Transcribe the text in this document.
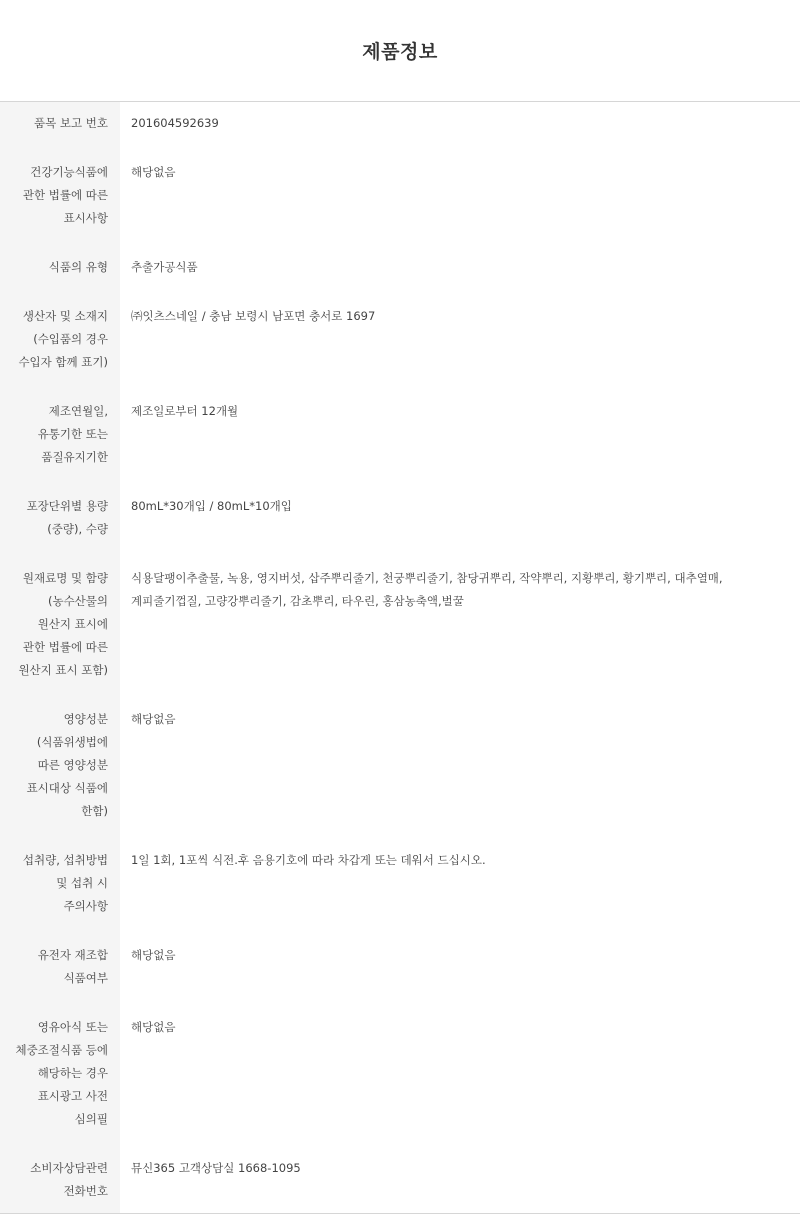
제품정보
품목 보고 번호	201604592639
건강기능식품에 관한 법률에 따른 표시사항	해당없음
식품의 유형	추출가공식품
생산자 및 소재지 (수입품의 경우 수입자 함께 표기)	㈜잇츠스네일 / 충남 보령시 남포면 충서로 1697
제조연월일, 유통기한 또는 품질유지기한	제조일로부터 12개월
포장단위별 용량(중량), 수량	80mL*30개입 / 80mL*10개입
원재료명 및 함량 (농수산물의 원산지 표시에 관한 법률에 따른 원산지 표시 포함)	식용달팽이추출물, 녹용, 영지버섯, 삽주뿌리줄기, 천궁뿌리줄기, 참당귀뿌리, 작약뿌리, 지황뿌리, 황기뿌리, 대추열매, 계피줄기껍질, 고량강뿌리줄기, 감초뿌리, 타우린, 홍삼농축액,벌꿀
영양성분(식품위생법에 따른 영양성분 표시대상 식품에 한함)	해당없음
섭취량, 섭취방법 및 섭취 시 주의사항	1일 1회, 1포씩 식전.후 음용기호에 따라 차갑게 또는 데워서 드십시오.
유전자 재조합 식품여부	해당없음
영유아식 또는 체중조절식품 등에 해당하는 경우 표시광고 사전 심의필	해당없음
소비자상담관련 전화번호	뮤신365 고객상담실 1668-1095
